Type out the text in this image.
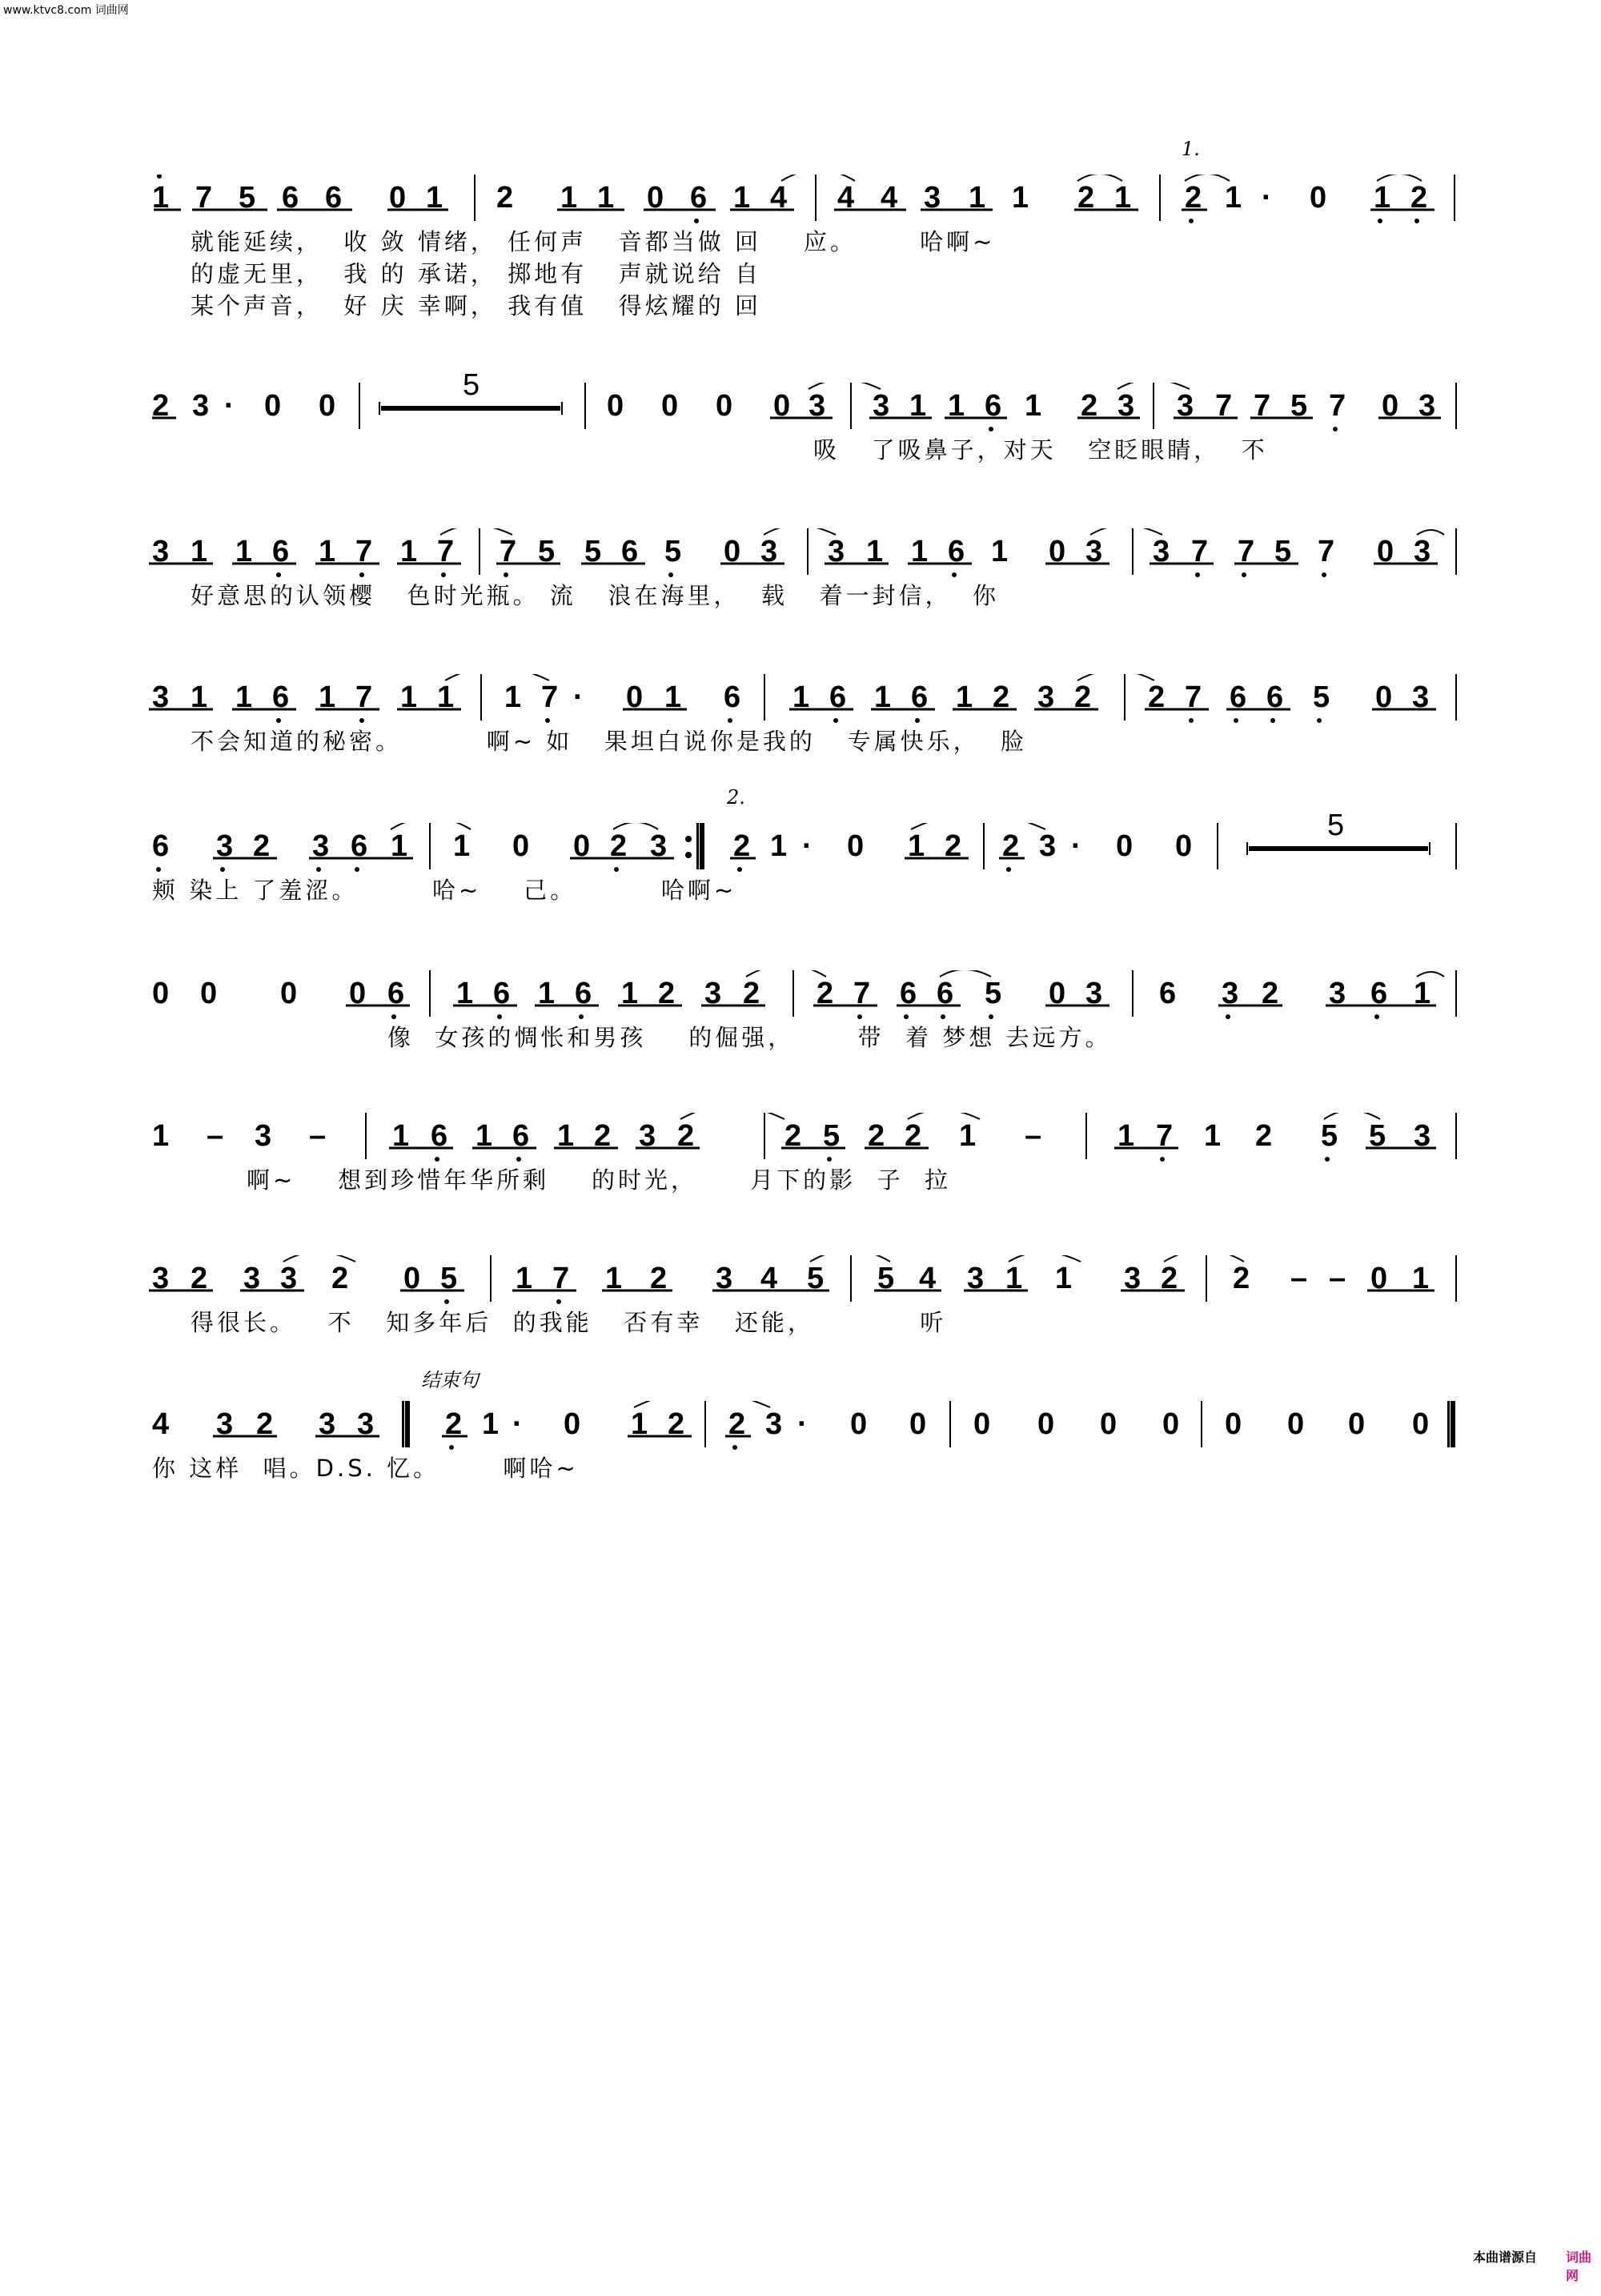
www.ktvc8.com 词曲网

1

7

5

6

6

0

1

2

1

1

0

6

1

4

4

4

3

1

1

2

1

2

1

·

0

1

2

1.
就能延续，  收 敛 情绪， 任何声   音都当做 回    应。      哈啊~
的虚无里，  我 的 承诺， 掷地有   声就说给 自
某个声音，  好 庆 幸啊， 我有值   得炫耀的 回

2

3

·

0

0

	0

0

0

0

3

3

1

1

6

1

2

3

3

7

7

5

7

0

3

5
吸   了吸鼻子，对天   空眨眼睛，  不

3

1

1

6

1

7

1

7

7

5

5

6

5

0

3

3

1

1

6

1

0

3

3

7

7

5

7

0

3

好意思的认领樱   色时光瓶。 流   浪在海里，  载   着一封信，  你

3

1

1

6

1

7

1

1

1

7

·

0

1

6

1

6

1

6

1

2

3

2

2

7

6

6

5

0

3

不会知道的秘密。        啊~ 如   果坦白说你是我的   专属快乐，  脸

6

3

2

3

6

1

1

0

0

2

3

2

1

·

0

1

2

2

3

·

0

0

2.
5
颊 染上 了羞涩。       哈~    己。        哈啊~

0

0

0

0

6

1

6

1

6

1

2

3

2

2

7

6

6

5

0

3

6

3

2

3

6

1

像  女孩的惆怅和男孩    的倔强，      带  着 梦想 去远方。

1

–

3

–

1

6

1

6

1

2

3

2

	2

5

2

2

1

–

1

7

1

2

5

5

3

啊~    想到珍惜年华所剩    的时光，     月下的影  子  拉

3

2

3

3

2

0

5

1

7

1

2

3

4

5

5

4

3

1

1

3

2

2

–

–

0

1

得很长。   不   知多年后  的我能   否有幸   还能，          听

4

3

2

3

3

2

1

·

0

1

2

2

3

·

0

0

0

0

0

0

0

0

0

0

结束句
你 这样  唱。D.S. 忆。      啊哈~
本曲谱源自 词曲网
